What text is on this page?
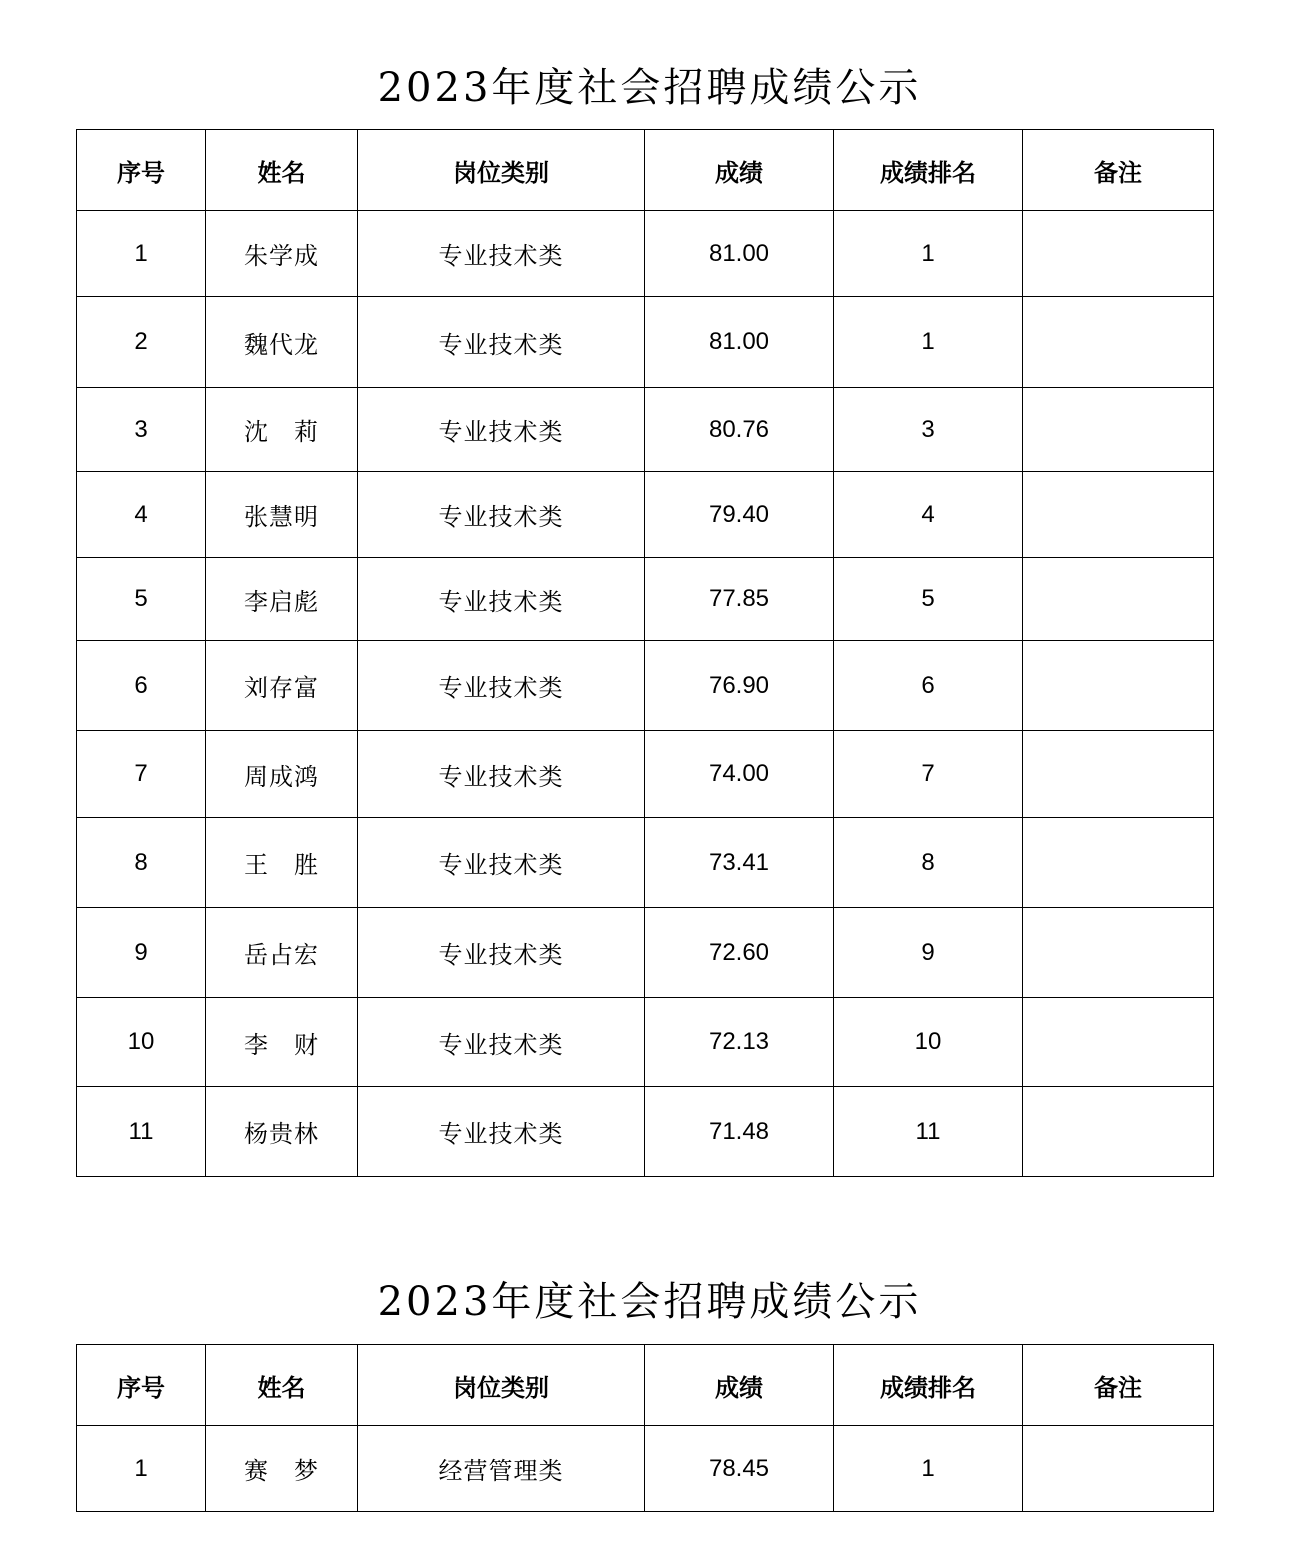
2023年度社会招聘成绩公示
序号	姓名	岗位类别	成绩	成绩排名	备注
1	朱学成	专业技术类	81.00	1	
2	魏代龙	专业技术类	81.00	1	
3	沈　莉	专业技术类	80.76	3	
4	张慧明	专业技术类	79.40	4	
5	李启彪	专业技术类	77.85	5	
6	刘存富	专业技术类	76.90	6	
7	周成鸿	专业技术类	74.00	7	
8	王　胜	专业技术类	73.41	8	
9	岳占宏	专业技术类	72.60	9	
10	李　财	专业技术类	72.13	10	
11	杨贵林	专业技术类	71.48	11	
2023年度社会招聘成绩公示
序号	姓名	岗位类别	成绩	成绩排名	备注
1	赛　梦	经营管理类	78.45	1	
